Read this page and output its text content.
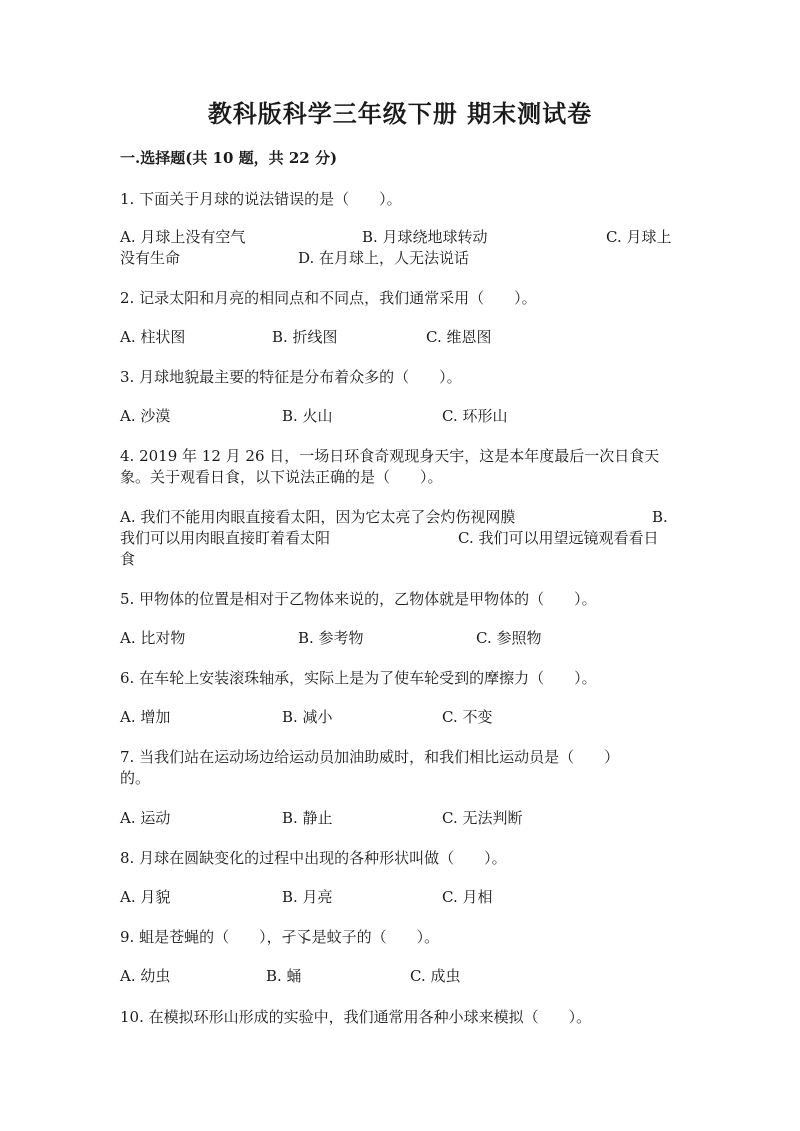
教科版科学三年级下册 期末测试卷
一.选择题(共 10 题，共 22 分)
1. 下面关于月球的说法错误的是（　　）。
A. 月球上没有空气	B. 月球绕地球转动	C. 月球上
没有生命	D. 在月球上，人无法说话
2. 记录太阳和月亮的相同点和不同点，我们通常采用（　　）。
A. 柱状图	B. 折线图	C. 维恩图
3. 月球地貌最主要的特征是分布着众多的（　　）。
A. 沙漠	B. 火山	C. 环形山
4. 2019 年 12 月 26 日，一场日环食奇观现身天宇，这是本年度最后一次日食天
象。关于观看日食，以下说法正确的是（　　）。
A. 我们不能用肉眼直接看太阳，因为它太亮了会灼伤视网膜	B.
我们可以用肉眼直接盯着看太阳	C. 我们可以用望远镜观看看日
食
5. 甲物体的位置是相对于乙物体来说的，乙物体就是甲物体的（　　）。
A. 比对物	B. 参考物	C. 参照物
6. 在车轮上安装滚珠轴承，实际上是为了使车轮受到的摩擦力（　　）。
A. 增加	B. 减小	C. 不变
7. 当我们站在运动场边给运动员加油助威时，和我们相比运动员是（　　）
的。
A. 运动	B. 静止	C. 无法判断
8. 月球在圆缺变化的过程中出现的各种形状叫做（　　）。
A. 月貌	B. 月亮	C. 月相
9. 蛆是苍蝇的（　　），孑孓是蚊子的（　　）。
A. 幼虫	B. 蛹	C. 成虫
10. 在模拟环形山形成的实验中，我们通常用各种小球来模拟（　　）。
